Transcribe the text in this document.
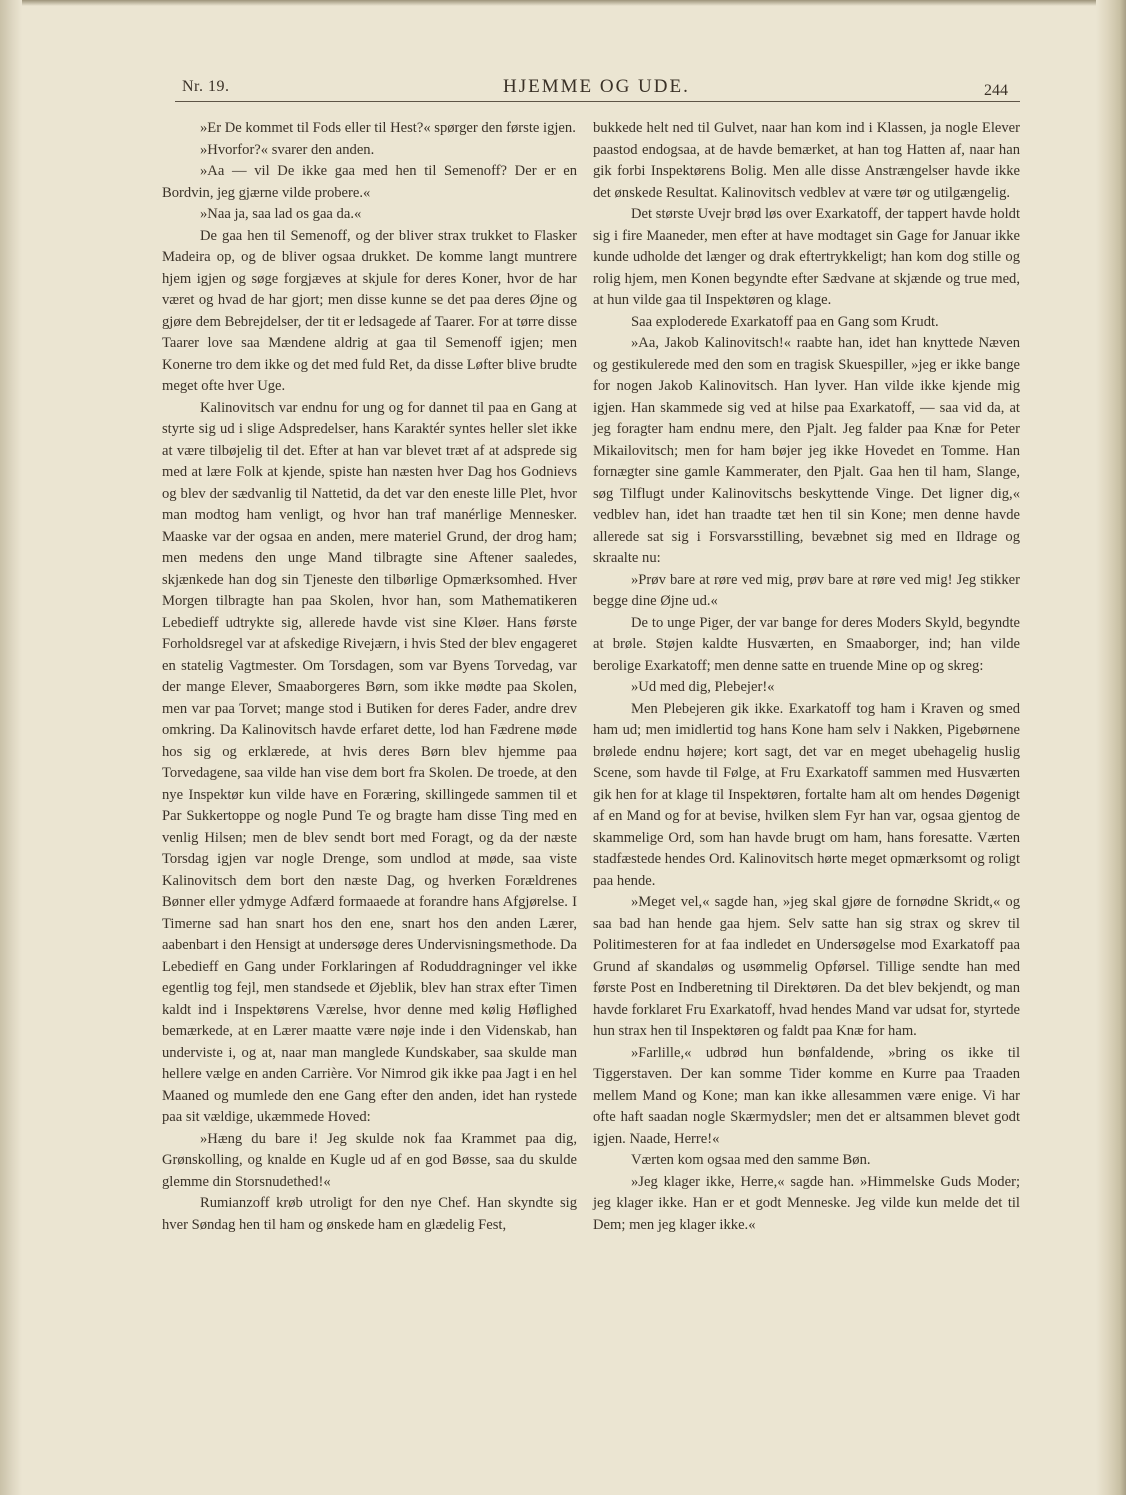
Nr. 19.	HJEMME OG UDE.	244

»Er De kommet til Fods eller til Hest?« spørger den første igjen.

»Hvorfor?« svarer den anden.

»Aa — vil De ikke gaa med hen til Semenoff? Der er en Bordvin, jeg gjærne vilde probere.«

»Naa ja, saa lad os gaa da.«

De gaa hen til Semenoff, og der bliver strax trukket to Flasker Madeira op, og de bliver ogsaa drukket. De komme langt muntrere hjem igjen og søge forgjæves at skjule for deres Koner, hvor de har været og hvad de har gjort; men disse kunne se det paa deres Øjne og gjøre dem Bebrejdelser, der tit er ledsagede af Taarer. For at tørre disse Taarer love saa Mændene aldrig at gaa til Semenoff igjen; men Konerne tro dem ikke og det med fuld Ret, da disse Løfter blive brudte meget ofte hver Uge.

Kalinovitsch var endnu for ung og for dannet til paa en Gang at styrte sig ud i slige Adspredelser, hans Karaktér syntes heller slet ikke at være tilbøjelig til det. Efter at han var blevet træt af at adsprede sig med at lære Folk at kjende, spiste han næsten hver Dag hos Godnievs og blev der sædvanlig til Nattetid, da det var den eneste lille Plet, hvor man modtog ham venligt, og hvor han traf manérlige Mennesker. Maaske var der ogsaa en anden, mere materiel Grund, der drog ham; men medens den unge Mand tilbragte sine Aftener saaledes, skjænkede han dog sin Tjeneste den tilbørlige Opmærksomhed. Hver Morgen tilbragte han paa Skolen, hvor han, som Mathematikeren Lebedieff udtrykte sig, allerede havde vist sine Kløer. Hans første Forholdsregel var at afskedige Rivejærn, i hvis Sted der blev engageret en statelig Vagtmester. Om Torsdagen, som var Byens Torvedag, var der mange Elever, Smaaborgeres Børn, som ikke mødte paa Skolen, men var paa Torvet; mange stod i Butiken for deres Fader, andre drev omkring. Da Kalinovitsch havde erfaret dette, lod han Fædrene møde hos sig og erklærede, at hvis deres Børn blev hjemme paa Torvedagene, saa vilde han vise dem bort fra Skolen. De troede, at den nye Inspektør kun vilde have en Foræring, skillingede sammen til et Par Sukkertoppe og nogle Pund Te og bragte ham disse Ting med en venlig Hilsen; men de blev sendt bort med Foragt, og da der næste Torsdag igjen var nogle Drenge, som undlod at møde, saa viste Kalinovitsch dem bort den næste Dag, og hverken Forældrenes Bønner eller ydmyge Adfærd formaaede at forandre hans Afgjørelse. I Timerne sad han snart hos den ene, snart hos den anden Lærer, aabenbart i den Hensigt at undersøge deres Undervisningsmethode. Da Lebedieff en Gang under Forklaringen af Roduddragninger vel ikke egentlig tog fejl, men standsede et Øjeblik, blev han strax efter Timen kaldt ind i Inspektørens Værelse, hvor denne med kølig Høflighed bemærkede, at en Lærer maatte være nøje inde i den Videnskab, han underviste i, og at, naar man manglede Kundskaber, saa skulde man hellere vælge en anden Carrière. Vor Nimrod gik ikke paa Jagt i en hel Maaned og mumlede den ene Gang efter den anden, idet han rystede paa sit vældige, ukæmmede Hoved:

»Hæng du bare i! Jeg skulde nok faa Krammet paa dig, Grønskolling, og knalde en Kugle ud af en god Bøsse, saa du skulde glemme din Storsnudethed!«

Rumianzoff krøb utroligt for den nye Chef. Han skyndte sig hver Søndag hen til ham og ønskede ham en glædelig Fest,

bukkede helt ned til Gulvet, naar han kom ind i Klassen, ja nogle Elever paastod endogsaa, at de havde bemærket, at han tog Hatten af, naar han gik forbi Inspektørens Bolig. Men alle disse Anstrængelser havde ikke det ønskede Resultat. Kalinovitsch vedblev at være tør og utilgængelig.

Det største Uvejr brød løs over Exarkatoff, der tappert havde holdt sig i fire Maaneder, men efter at have modtaget sin Gage for Januar ikke kunde udholde det længer og drak eftertrykkeligt; han kom dog stille og rolig hjem, men Konen begyndte efter Sædvane at skjænde og true med, at hun vilde gaa til Inspektøren og klage.

Saa exploderede Exarkatoff paa en Gang som Krudt.

»Aa, Jakob Kalinovitsch!« raabte han, idet han knyttede Næven og gestikulerede med den som en tragisk Skuespiller, »jeg er ikke bange for nogen Jakob Kalinovitsch. Han lyver. Han vilde ikke kjende mig igjen. Han skammede sig ved at hilse paa Exarkatoff, — saa vid da, at jeg foragter ham endnu mere, den Pjalt. Jeg falder paa Knæ for Peter Mikailovitsch; men for ham bøjer jeg ikke Hovedet en Tomme. Han fornægter sine gamle Kammerater, den Pjalt. Gaa hen til ham, Slange, søg Tilflugt under Kalinovitschs beskyttende Vinge. Det ligner dig,« vedblev han, idet han traadte tæt hen til sin Kone; men denne havde allerede sat sig i Forsvarsstilling, bevæbnet sig med en Ildrage og skraalte nu:

»Prøv bare at røre ved mig, prøv bare at røre ved mig! Jeg stikker begge dine Øjne ud.«

De to unge Piger, der var bange for deres Moders Skyld, begyndte at brøle. Støjen kaldte Husværten, en Smaaborger, ind; han vilde berolige Exarkatoff; men denne satte en truende Mine op og skreg:

»Ud med dig, Plebejer!«

Men Plebejeren gik ikke. Exarkatoff tog ham i Kraven og smed ham ud; men imidlertid tog hans Kone ham selv i Nakken, Pigebørnene brølede endnu højere; kort sagt, det var en meget ubehagelig huslig Scene, som havde til Følge, at Fru Exarkatoff sammen med Husværten gik hen for at klage til Inspektøren, fortalte ham alt om hendes Døgenigt af en Mand og for at bevise, hvilken slem Fyr han var, ogsaa gjentog de skammelige Ord, som han havde brugt om ham, hans foresatte. Værten stadfæstede hendes Ord. Kalinovitsch hørte meget opmærksomt og roligt paa hende.

»Meget vel,« sagde han, »jeg skal gjøre de fornødne Skridt,« og saa bad han hende gaa hjem. Selv satte han sig strax og skrev til Politimesteren for at faa indledet en Undersøgelse mod Exarkatoff paa Grund af skandaløs og usømmelig Opførsel. Tillige sendte han med første Post en Indberetning til Direktøren. Da det blev bekjendt, og man havde forklaret Fru Exarkatoff, hvad hendes Mand var udsat for, styrtede hun strax hen til Inspektøren og faldt paa Knæ for ham.

»Farlille,« udbrød hun bønfaldende, »bring os ikke til Tiggerstaven. Der kan somme Tider komme en Kurre paa Traaden mellem Mand og Kone; man kan ikke allesammen være enige. Vi har ofte haft saadan nogle Skærmydsler; men det er altsammen blevet godt igjen. Naade, Herre!«

Værten kom ogsaa med den samme Bøn.

»Jeg klager ikke, Herre,« sagde han. »Himmelske Guds Moder; jeg klager ikke. Han er et godt Menneske. Jeg vilde kun melde det til Dem; men jeg klager ikke.«
